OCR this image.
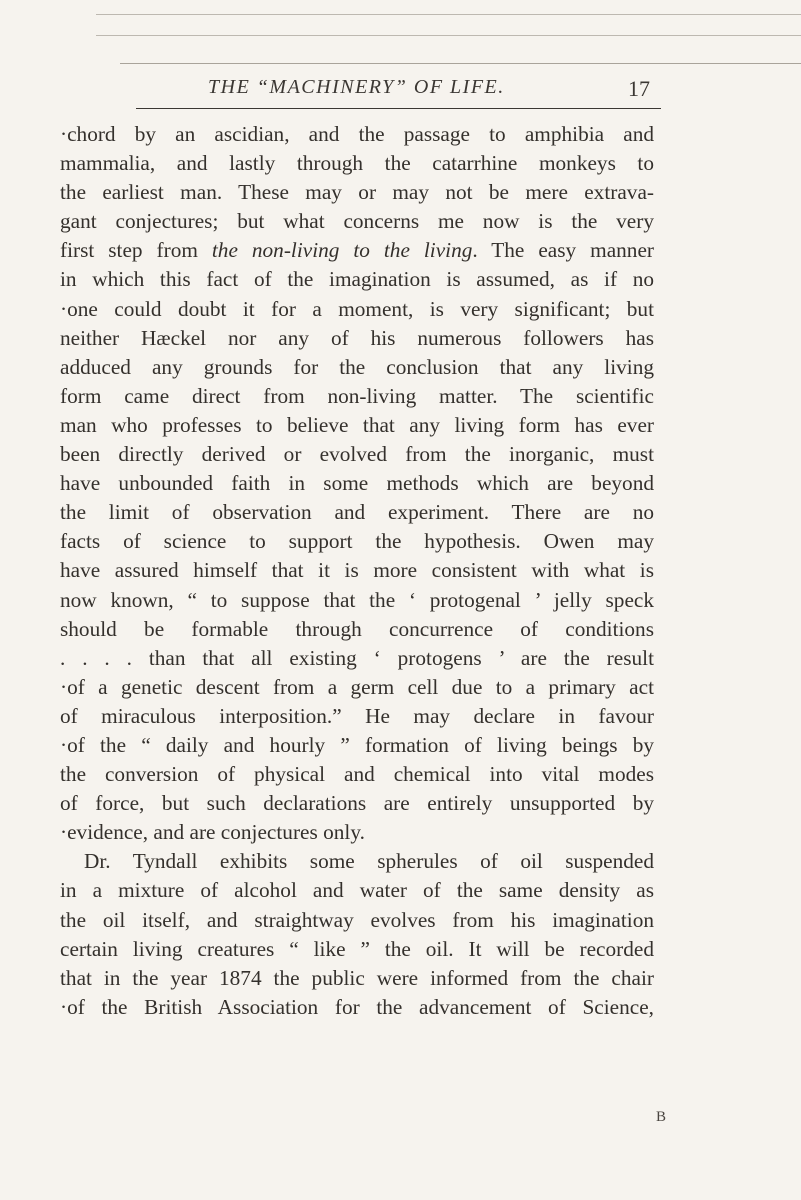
THE “MACHINERY” OF LIFE.	17
·chord by an ascidian, and the passage to amphibia and
mammalia, and lastly through the catarrhine monkeys to
the earliest man. These may or may not be mere extrava-
gant conjectures; but what concerns me now is the very
first step from the non-living to the living. The easy manner
in which this fact of the imagination is assumed, as if no
·one could doubt it for a moment, is very significant; but
neither Hæckel nor any of his numerous followers has
adduced any grounds for the conclusion that any living
form came direct from non-living matter. The scientific
man who professes to believe that any living form has ever
been directly derived or evolved from the inorganic, must
have unbounded faith in some methods which are beyond
the limit of observation and experiment. There are no
facts of science to support the hypothesis. Owen may
have assured himself that it is more consistent with what is
now known, “ to suppose that the ‘ protogenal ’ jelly speck
should be formable through concurrence of conditions
. . . . than that all existing ‘ protogens ’ are the result
·of a genetic descent from a germ cell due to a primary act
of miraculous interposition.” He may declare in favour
·of the “ daily and hourly ” formation of living beings by
the conversion of physical and chemical into vital modes
of force, but such declarations are entirely unsupported by
·evidence, and are conjectures only.
Dr. Tyndall exhibits some spherules of oil suspended
in a mixture of alcohol and water of the same density as
the oil itself, and straightway evolves from his imagination
certain living creatures “ like ” the oil. It will be recorded
that in the year 1874 the public were informed from the chair
·of the British Association for the advancement of Science,
B
